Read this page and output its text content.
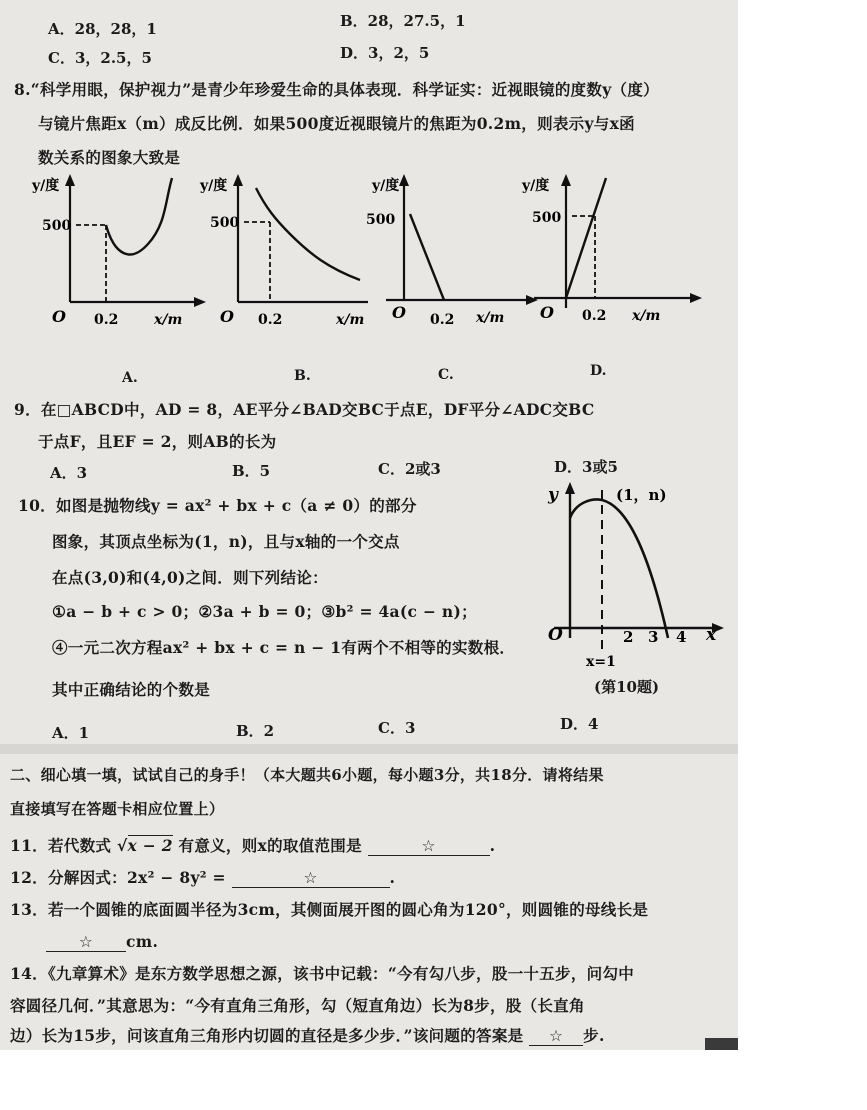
A．28，28，1	B．28，27.5，1
C．3，2.5，5	D．3，2，5
8.“科学用眼，保护视力”是青少年珍爱生命的具体表现．科学证实：近视眼镜的度数y（度）
与镜片焦距x（m）成反比例．如果500度近视眼镜片的焦距为0.2m，则表示y与x函
数关系的图象大致是
y/度
500
O 0.2	x/m
y/度
500
O 0.2	x/m
y/度
500
O 0.2 x/m
y/度
500
O 0.2 x/m
A.	B.	C.	D.
9．在□ABCD中，AD = 8，AE平分∠BAD交BC于点E，DF平分∠ADC交BC
于点F，且EF = 2，则AB的长为
A．3	B．5	C．2或3	D．3或5
10．如图是抛物线y = ax² + bx + c（a ≠ 0）的部分
图象，其顶点坐标为(1，n)，且与x轴的一个交点
在点(3,0)和(4,0)之间．则下列结论：
①a − b + c > 0；②3a + b = 0；③b² = 4a(c − n)；
④一元二次方程ax² + bx + c = n − 1有两个不相等的实数根．
其中正确结论的个数是
A．1	B．2	C．3	D．4
y
x
(1，n)
O	2 3 4
x=1
(第10题)
二、细心填一填，试试自己的身手！（本大题共6小题，每小题3分，共18分．请将结果
直接填写在答题卡相应位置上）
11．若代数式 √x − 2 有意义，则x的取值范围是	☆	.
12．分解因式：2x² − 8y² =	☆	.
13．若一个圆锥的底面圆半径为3cm，其侧面展开图的圆心角为120°，则圆锥的母线长是
☆ cm.
14．《九章算术》是东方数学思想之源，该书中记载：“今有勾八步，股一十五步，问勾中
容圆径几何．”其意思为：“今有直角三角形，勾（短直角边）长为8步，股（长直角
边）长为15步，问该直角三角形内切圆的直径是多少步．”该问题的答案是 ☆ 步.
